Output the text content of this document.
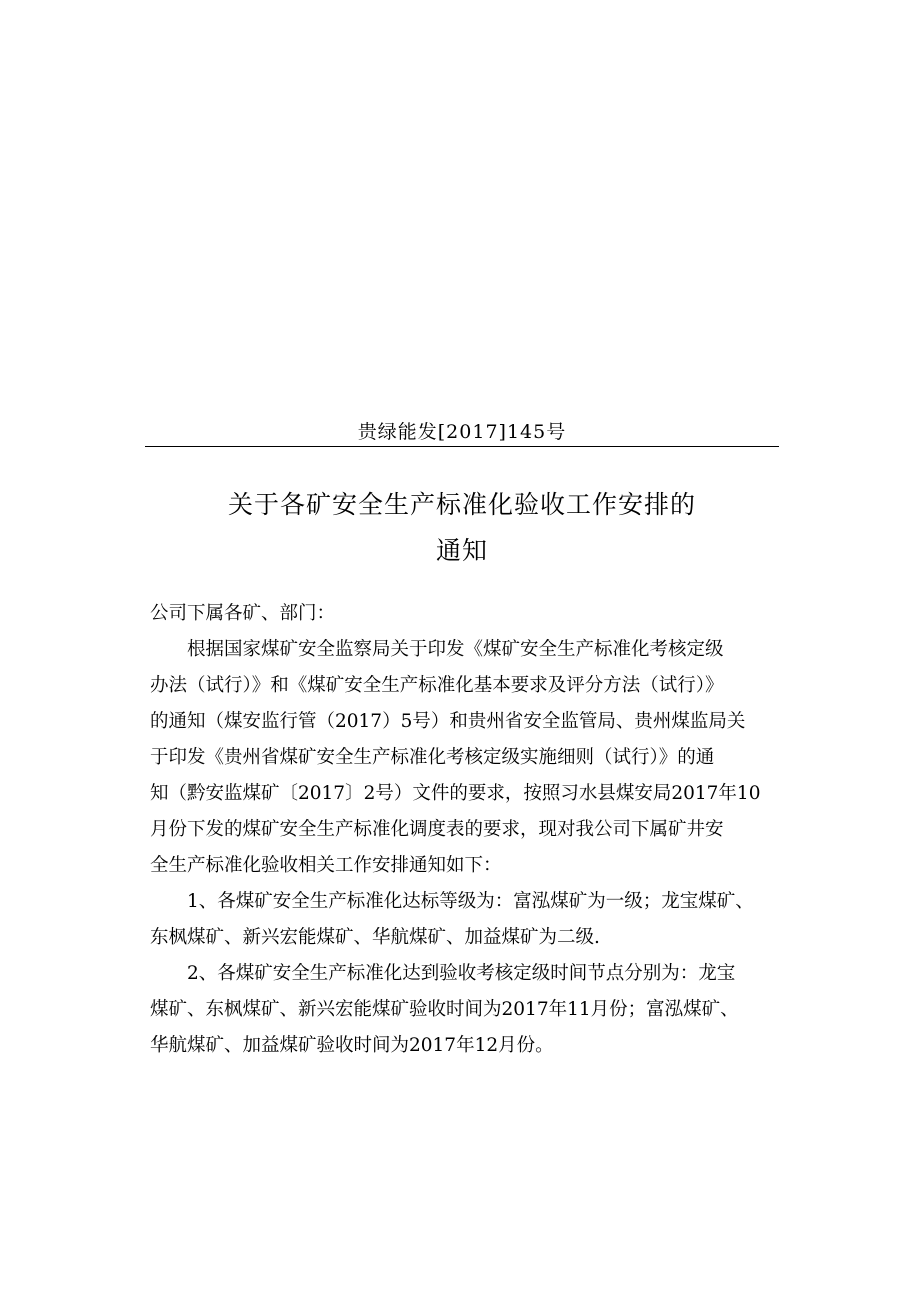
贵绿能发[2017]145号
关于各矿安全生产标准化验收工作安排的
通知
公司下属各矿、部门：
根据国家煤矿安全监察局关于印发《煤矿安全生产标准化考核定级
办法（试行）》和《煤矿安全生产标准化基本要求及评分方法（试行）》
的通知（煤安监行管（2017）5号）和贵州省安全监管局、贵州煤监局关
于印发《贵州省煤矿安全生产标准化考核定级实施细则（试行）》的通
知（黔安监煤矿〔2017〕2号）文件的要求，按照习水县煤安局2017年10
月份下发的煤矿安全生产标准化调度表的要求，现对我公司下属矿井安
全生产标准化验收相关工作安排通知如下：
1、各煤矿安全生产标准化达标等级为：富泓煤矿为一级；龙宝煤矿、
东枫煤矿、新兴宏能煤矿、华航煤矿、加益煤矿为二级.
2、各煤矿安全生产标准化达到验收考核定级时间节点分别为：龙宝
煤矿、东枫煤矿、新兴宏能煤矿验收时间为2017年11月份；富泓煤矿、
华航煤矿、加益煤矿验收时间为2017年12月份。
